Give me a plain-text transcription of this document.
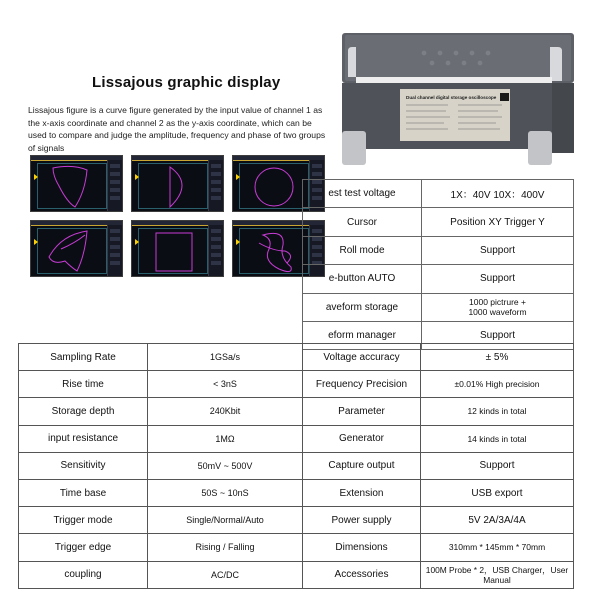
Lissajous graphic display
Lissajous figure is a curve figure generated by the input value of channel 1 as the x-axis coordinate and channel 2 as the y-axis coordinate, which can be used to compare and judge the amplitude, frequency and phase of two groups of signals
Dual channel digital storage oscilloscope
est test voltage	1X：40V 10X：400V
Cursor	Position XY Trigger Y
Roll mode	Support
e-button AUTO	Support
aveform storage	1000 pictrure +
1000 waveform
eform manager	Support
Sampling Rate	1GSa/s	Voltage accuracy	± 5%
Rise time	< 3nS	Frequency Precision	±0.01% High precision
Storage depth	240Kbit	Parameter	12 kinds in total
input resistance	1MΩ	Generator	14 kinds in total
Sensitivity	50mV ~ 500V	Capture output	Support
Time base	50S ~ 10nS	Extension	USB export
Trigger mode	Single/Normal/Auto	Power supply	5V 2A/3A/4A
Trigger edge	Rising / Falling	Dimensions	310mm * 145mm * 70mm
coupling	AC/DC	Accessories	100M Probe * 2，USB Charger，User Manual
